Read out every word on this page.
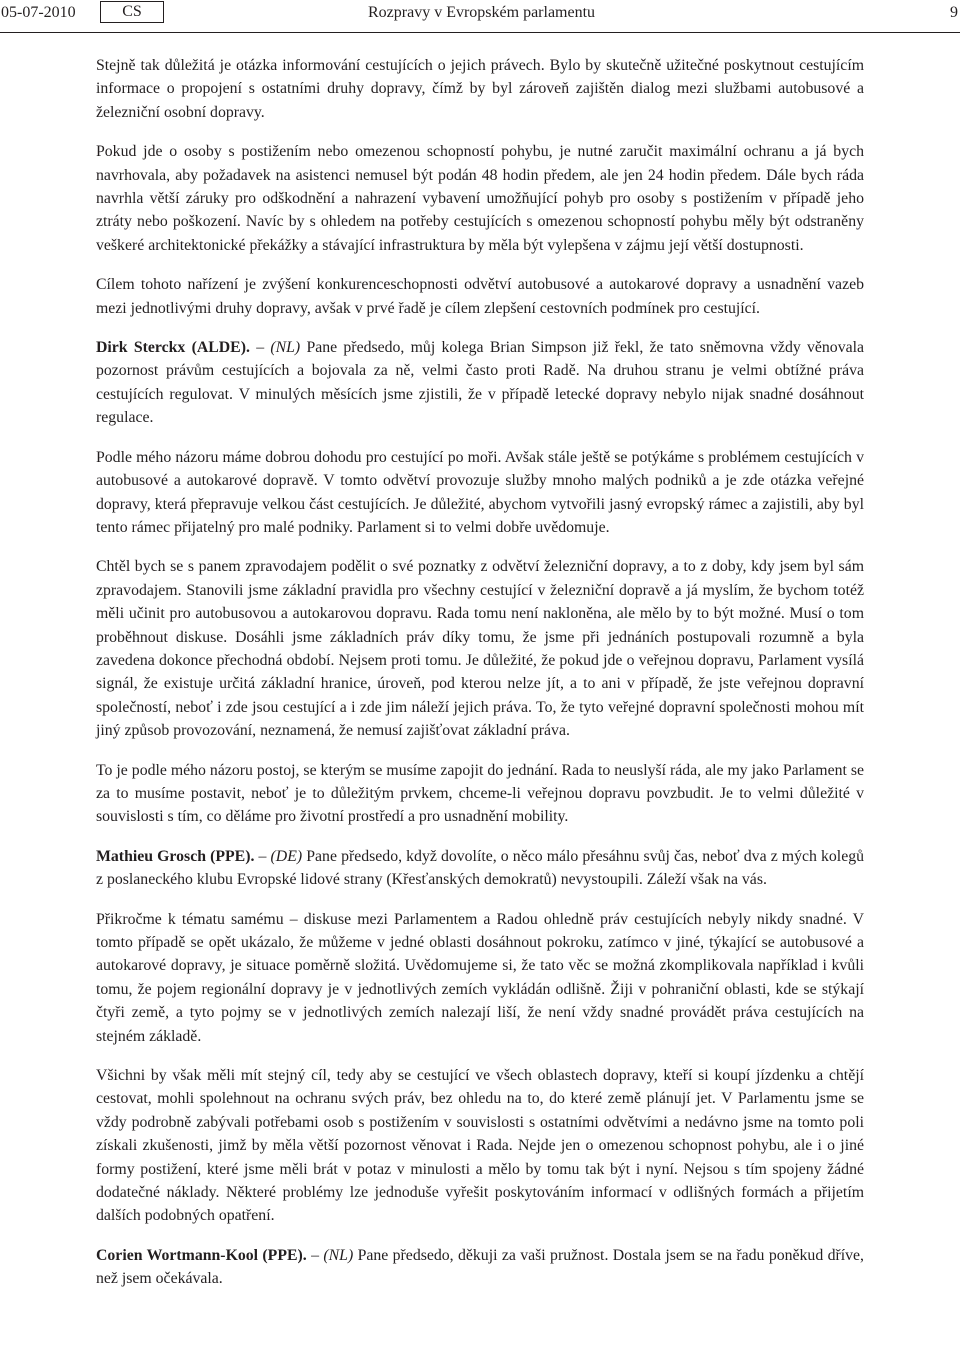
05-07-2010	CS	Rozpravy v Evropském parlamentu	9

Stejně tak důležitá je otázka informování cestujících o jejich právech. Bylo by skutečně užitečné poskytnout cestujícím informace o propojení s ostatními druhy dopravy, čímž by byl zároveň zajištěn dialog mezi službami autobusové a železniční osobní dopravy.

Pokud jde o osoby s postižením nebo omezenou schopností pohybu, je nutné zaručit maximální ochranu a já bych navrhovala, aby požadavek na asistenci nemusel být podán 48 hodin předem, ale jen 24 hodin předem. Dále bych ráda navrhla větší záruky pro odškodnění a nahrazení vybavení umožňující pohyb pro osoby s postižením v případě jeho ztráty nebo poškození. Navíc by s ohledem na potřeby cestujících s omezenou schopností pohybu měly být odstraněny veškeré architektonické překážky a stávající infrastruktura by měla být vylepšena v zájmu její větší dostupnosti.

Cílem tohoto nařízení je zvýšení konkurenceschopnosti odvětví autobusové a autokarové dopravy a usnadnění vazeb mezi jednotlivými druhy dopravy, avšak v prvé řadě je cílem zlepšení cestovních podmínek pro cestující.

Dirk Sterckx (ALDE). – (NL) Pane předsedo, můj kolega Brian Simpson již řekl, že tato sněmovna vždy věnovala pozornost právům cestujících a bojovala za ně, velmi často proti Radě. Na druhou stranu je velmi obtížné práva cestujících regulovat. V minulých měsících jsme zjistili, že v případě letecké dopravy nebylo nijak snadné dosáhnout regulace.

Podle mého názoru máme dobrou dohodu pro cestující po moři. Avšak stále ještě se potýkáme s problémem cestujících v autobusové a autokarové dopravě. V tomto odvětví provozuje služby mnoho malých podniků a je zde otázka veřejné dopravy, která přepravuje velkou část cestujících. Je důležité, abychom vytvořili jasný evropský rámec a zajistili, aby byl tento rámec přijatelný pro malé podniky. Parlament si to velmi dobře uvědomuje.

Chtěl bych se s panem zpravodajem podělit o své poznatky z odvětví železniční dopravy, a to z doby, kdy jsem byl sám zpravodajem. Stanovili jsme základní pravidla pro všechny cestující v železniční dopravě a já myslím, že bychom totéž měli učinit pro autobusovou a autokarovou dopravu. Rada tomu není nakloněna, ale mělo by to být možné. Musí o tom proběhnout diskuse. Dosáhli jsme základních práv díky tomu, že jsme při jednáních postupovali rozumně a byla zavedena dokonce přechodná období. Nejsem proti tomu. Je důležité, že pokud jde o veřejnou dopravu, Parlament vysílá signál, že existuje určitá základní hranice, úroveň, pod kterou nelze jít, a to ani v případě, že jste veřejnou dopravní společností, neboť i zde jsou cestující a i zde jim náleží jejich práva. To, že tyto veřejné dopravní společnosti mohou mít jiný způsob provozování, neznamená, že nemusí zajišťovat základní práva.

To je podle mého názoru postoj, se kterým se musíme zapojit do jednání. Rada to neuslyší ráda, ale my jako Parlament se za to musíme postavit, neboť je to důležitým prvkem, chceme-li veřejnou dopravu povzbudit. Je to velmi důležité v souvislosti s tím, co děláme pro životní prostředí a pro usnadnění mobility.

Mathieu Grosch (PPE). – (DE) Pane předsedo, když dovolíte, o něco málo přesáhnu svůj čas, neboť dva z mých kolegů z poslaneckého klubu Evropské lidové strany (Křesťanských demokratů) nevystoupili. Záleží však na vás.

Přikročme k tématu samému – diskuse mezi Parlamentem a Radou ohledně práv cestujících nebyly nikdy snadné. V tomto případě se opět ukázalo, že můžeme v jedné oblasti dosáhnout pokroku, zatímco v jiné, týkající se autobusové a autokarové dopravy, je situace poměrně složitá. Uvědomujeme si, že tato věc se možná zkomplikovala například i kvůli tomu, že pojem regionální dopravy je v jednotlivých zemích vykládán odlišně. Žiji v pohraniční oblasti, kde se stýkají čtyři země, a tyto pojmy se v jednotlivých zemích nalezají liší, že není vždy snadné provádět práva cestujících na stejném základě.

Všichni by však měli mít stejný cíl, tedy aby se cestující ve všech oblastech dopravy, kteří si koupí jízdenku a chtějí cestovat, mohli spolehnout na ochranu svých práv, bez ohledu na to, do které země plánují jet. V Parlamentu jsme se vždy podrobně zabývali potřebami osob s postižením v souvislosti s ostatními odvětvími a nedávno jsme na tomto poli získali zkušenosti, jimž by měla větší pozornost věnovat i Rada. Nejde jen o omezenou schopnost pohybu, ale i o jiné formy postižení, které jsme měli brát v potaz v minulosti a mělo by tomu tak být i nyní. Nejsou s tím spojeny žádné dodatečné náklady. Některé problémy lze jednoduše vyřešit poskytováním informací v odlišných formách a přijetím dalších podobných opatření.

Corien Wortmann-Kool (PPE). – (NL) Pane předsedo, děkuji za vaši pružnost. Dostala jsem se na řadu poněkud dříve, než jsem očekávala.
